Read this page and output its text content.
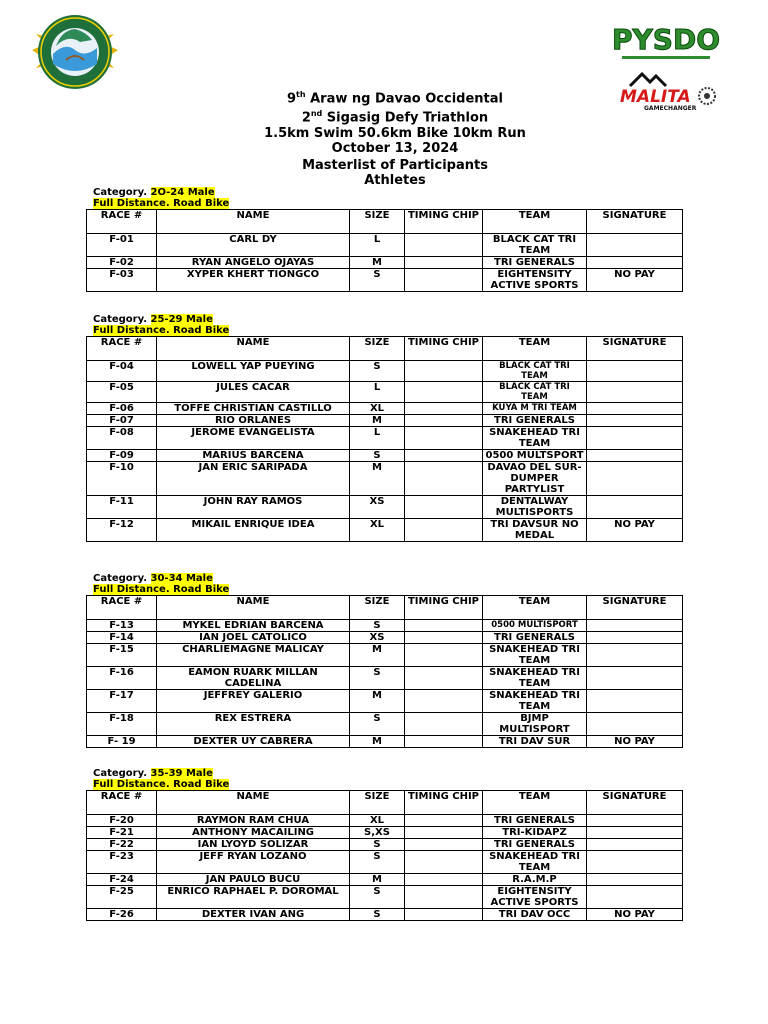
PYSDO
MALITA
GAMECHANGER
9th Araw ng Davao Occidental
2nd Sigasig Defy Triathlon
1.5km Swim 50.6km Bike 10km Run
October 13, 2024
Masterlist of Participants
Athletes
Category. 2O-24 Male
Full Distance. Road Bike
Category. 25-29 Male
Full Distance. Road Bike
Category. 30-34 Male
Full Distance. Road Bike
Category. 35-39 Male
Full Distance. Road Bike
RACE #	NAME	SIZE	TIMING CHIP	TEAM	SIGNATURE
F-01	CARL DY	L		BLACK CAT TRI TEAM	
F-02	RYAN ANGELO OJAYAS	M		TRI GENERALS	
F-03	XYPER KHERT TIONGCO	S		EIGHTENSITY ACTIVE SPORTS	NO PAY
RACE #	NAME	SIZE	TIMING CHIP	TEAM	SIGNATURE
F-04	LOWELL YAP PUEYING	S		BLACK CAT TRI TEAM	
F-05	JULES CACAR	L		BLACK CAT TRI TEAM	
F-06	TOFFE CHRISTIAN CASTILLO	XL		KUYA M TRI TEAM	
F-07	RIO ORLANES	M		TRI GENERALS	
F-08	JEROME EVANGELISTA	L		SNAKEHEAD TRI TEAM	
F-09	MARIUS BARCENA	S		0500 MULTSPORT	
F-10	JAN ERIC SARIPADA	M		DAVAO DEL SUR-DUMPER PARTYLIST	
F-11	JOHN RAY RAMOS	XS		DENTALWAY MULTISPORTS	
F-12	MIKAIL ENRIQUE IDEA	XL		TRI DAVSUR NO MEDAL	NO PAY
RACE #	NAME	SIZE	TIMING CHIP	TEAM	SIGNATURE
F-13	MYKEL EDRIAN BARCENA	S		0500 MULTISPORT	
F-14	IAN JOEL CATOLICO	XS		TRI GENERALS	
F-15	CHARLIEMAGNE MALICAY	M		SNAKEHEAD TRI TEAM	
F-16	EAMON RUARK MILLAN CADELINA	S		SNAKEHEAD TRI TEAM	
F-17	JEFFREY GALERIO	M		SNAKEHEAD TRI TEAM	
F-18	REX ESTRERA	S		BJMP MULTISPORT	
F- 19	DEXTER UY CABRERA	M		TRI DAV SUR	NO PAY
RACE #	NAME	SIZE	TIMING CHIP	TEAM	SIGNATURE
F-20	RAYMON RAM CHUA	XL		TRI GENERALS	
F-21	ANTHONY MACAILING	S,XS		TRI-KIDAPZ	
F-22	IAN LYOYD SOLIZAR	S		TRI GENERALS	
F-23	JEFF RYAN LOZANO	S		SNAKEHEAD TRI TEAM	
F-24	JAN PAULO BUCU	M		R.A.M.P	
F-25	ENRICO RAPHAEL P. DOROMAL	S		EIGHTENSITY ACTIVE SPORTS	
F-26	DEXTER IVAN ANG	S		TRI DAV OCC	NO PAY
